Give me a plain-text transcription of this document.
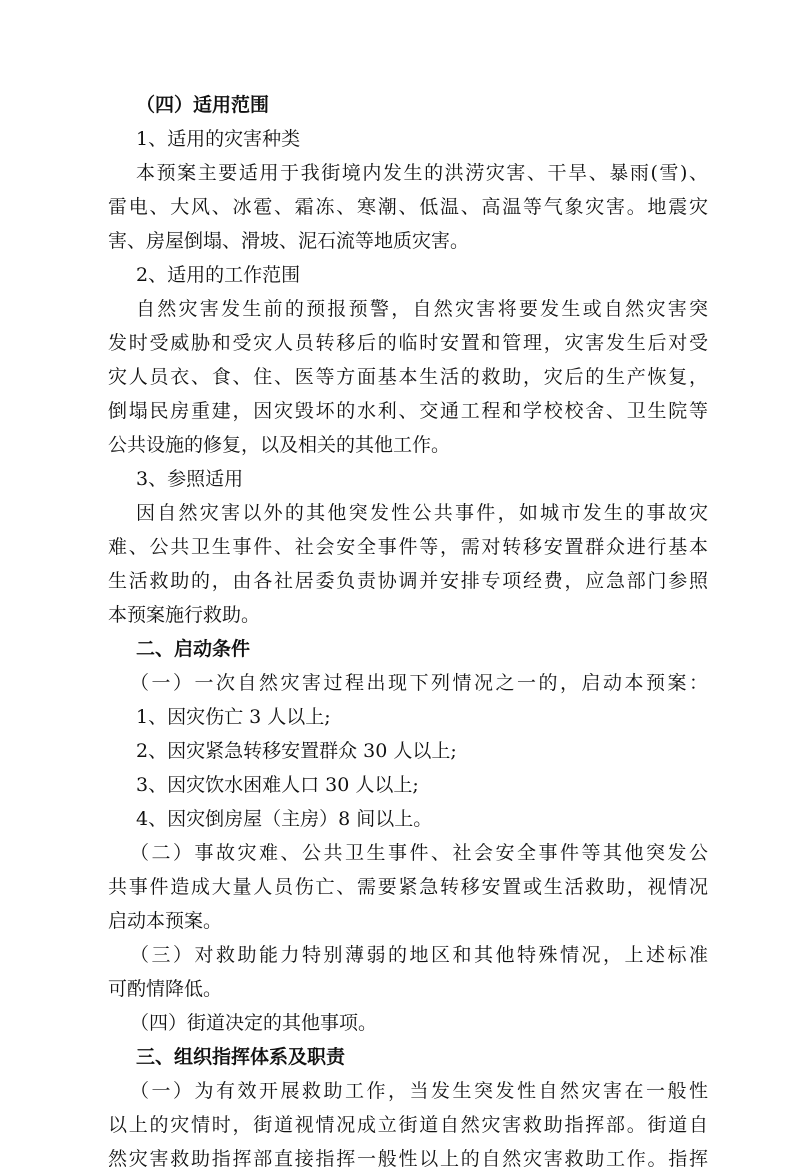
（四）适用范围

1、适用的灾害种类

本预案主要适用于我街境内发生的洪涝灾害、干旱、暴雨(雪)、

雷电、大风、冰雹、霜冻、寒潮、低温、高温等气象灾害。地震灾

害、房屋倒塌、滑坡、泥石流等地质灾害。

2、适用的工作范围

自然灾害发生前的预报预警，自然灾害将要发生或自然灾害突

发时受威胁和受灾人员转移后的临时安置和管理，灾害发生后对受

灾人员衣、食、住、医等方面基本生活的救助，灾后的生产恢复，

倒塌民房重建，因灾毁坏的水利、交通工程和学校校舍、卫生院等

公共设施的修复，以及相关的其他工作。

3、参照适用

因自然灾害以外的其他突发性公共事件，如城市发生的事故灾

难、公共卫生事件、社会安全事件等，需对转移安置群众进行基本

生活救助的，由各社居委负责协调并安排专项经费，应急部门参照

本预案施行救助。

二、启动条件

（一）一次自然灾害过程出现下列情况之一的，启动本预案：

1、因灾伤亡 3 人以上;

2、因灾紧急转移安置群众 30 人以上;

3、因灾饮水困难人口 30 人以上;

4、因灾倒房屋（主房）8 间以上。

（二）事故灾难、公共卫生事件、社会安全事件等其他突发公

共事件造成大量人员伤亡、需要紧急转移安置或生活救助，视情况

启动本预案。

（三）对救助能力特别薄弱的地区和其他特殊情况，上述标准

可酌情降低。

（四）街道决定的其他事项。

三、组织指挥体系及职责

（一）为有效开展救助工作，当发生突发性自然灾害在一般性

以上的灾情时，街道视情况成立街道自然灾害救助指挥部。街道自

然灾害救助指挥部直接指挥一般性以上的自然灾害救助工作。指挥
